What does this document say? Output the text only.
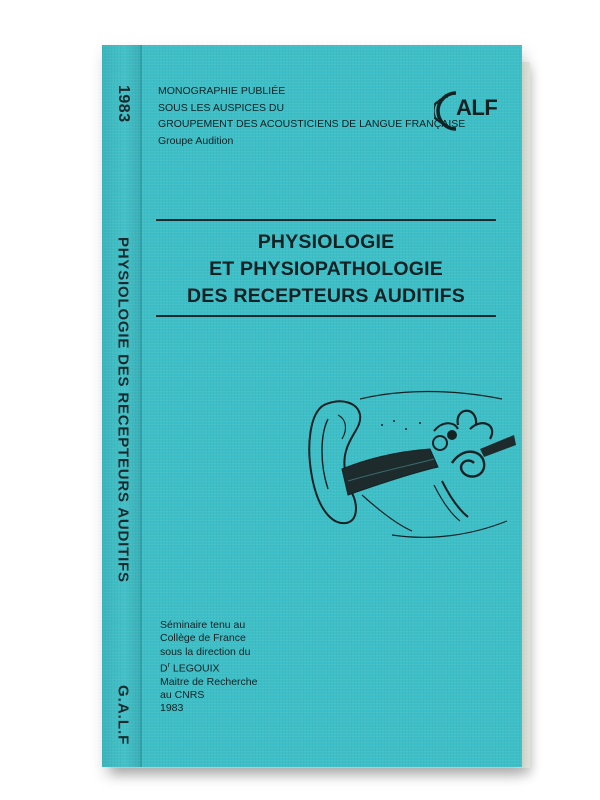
1983
PHYSIOLOGIE DES RECEPTEURS AUDITIFS
G.A.L.F
MONOGRAPHIE PUBLIÉE
SOUS LES AUSPICES DU
GROUPEMENT DES ACOUSTICIENS DE LANGUE FRANÇAISE
Groupe Audition
ALF
PHYSIOLOGIE
ET PHYSIOPATHOLOGIE
DES RECEPTEURS AUDITIFS
Séminaire tenu au
Collège de France
sous la direction du
$D^r$ LEGOUIX
Maitre de Recherche
au CNRS
1983
